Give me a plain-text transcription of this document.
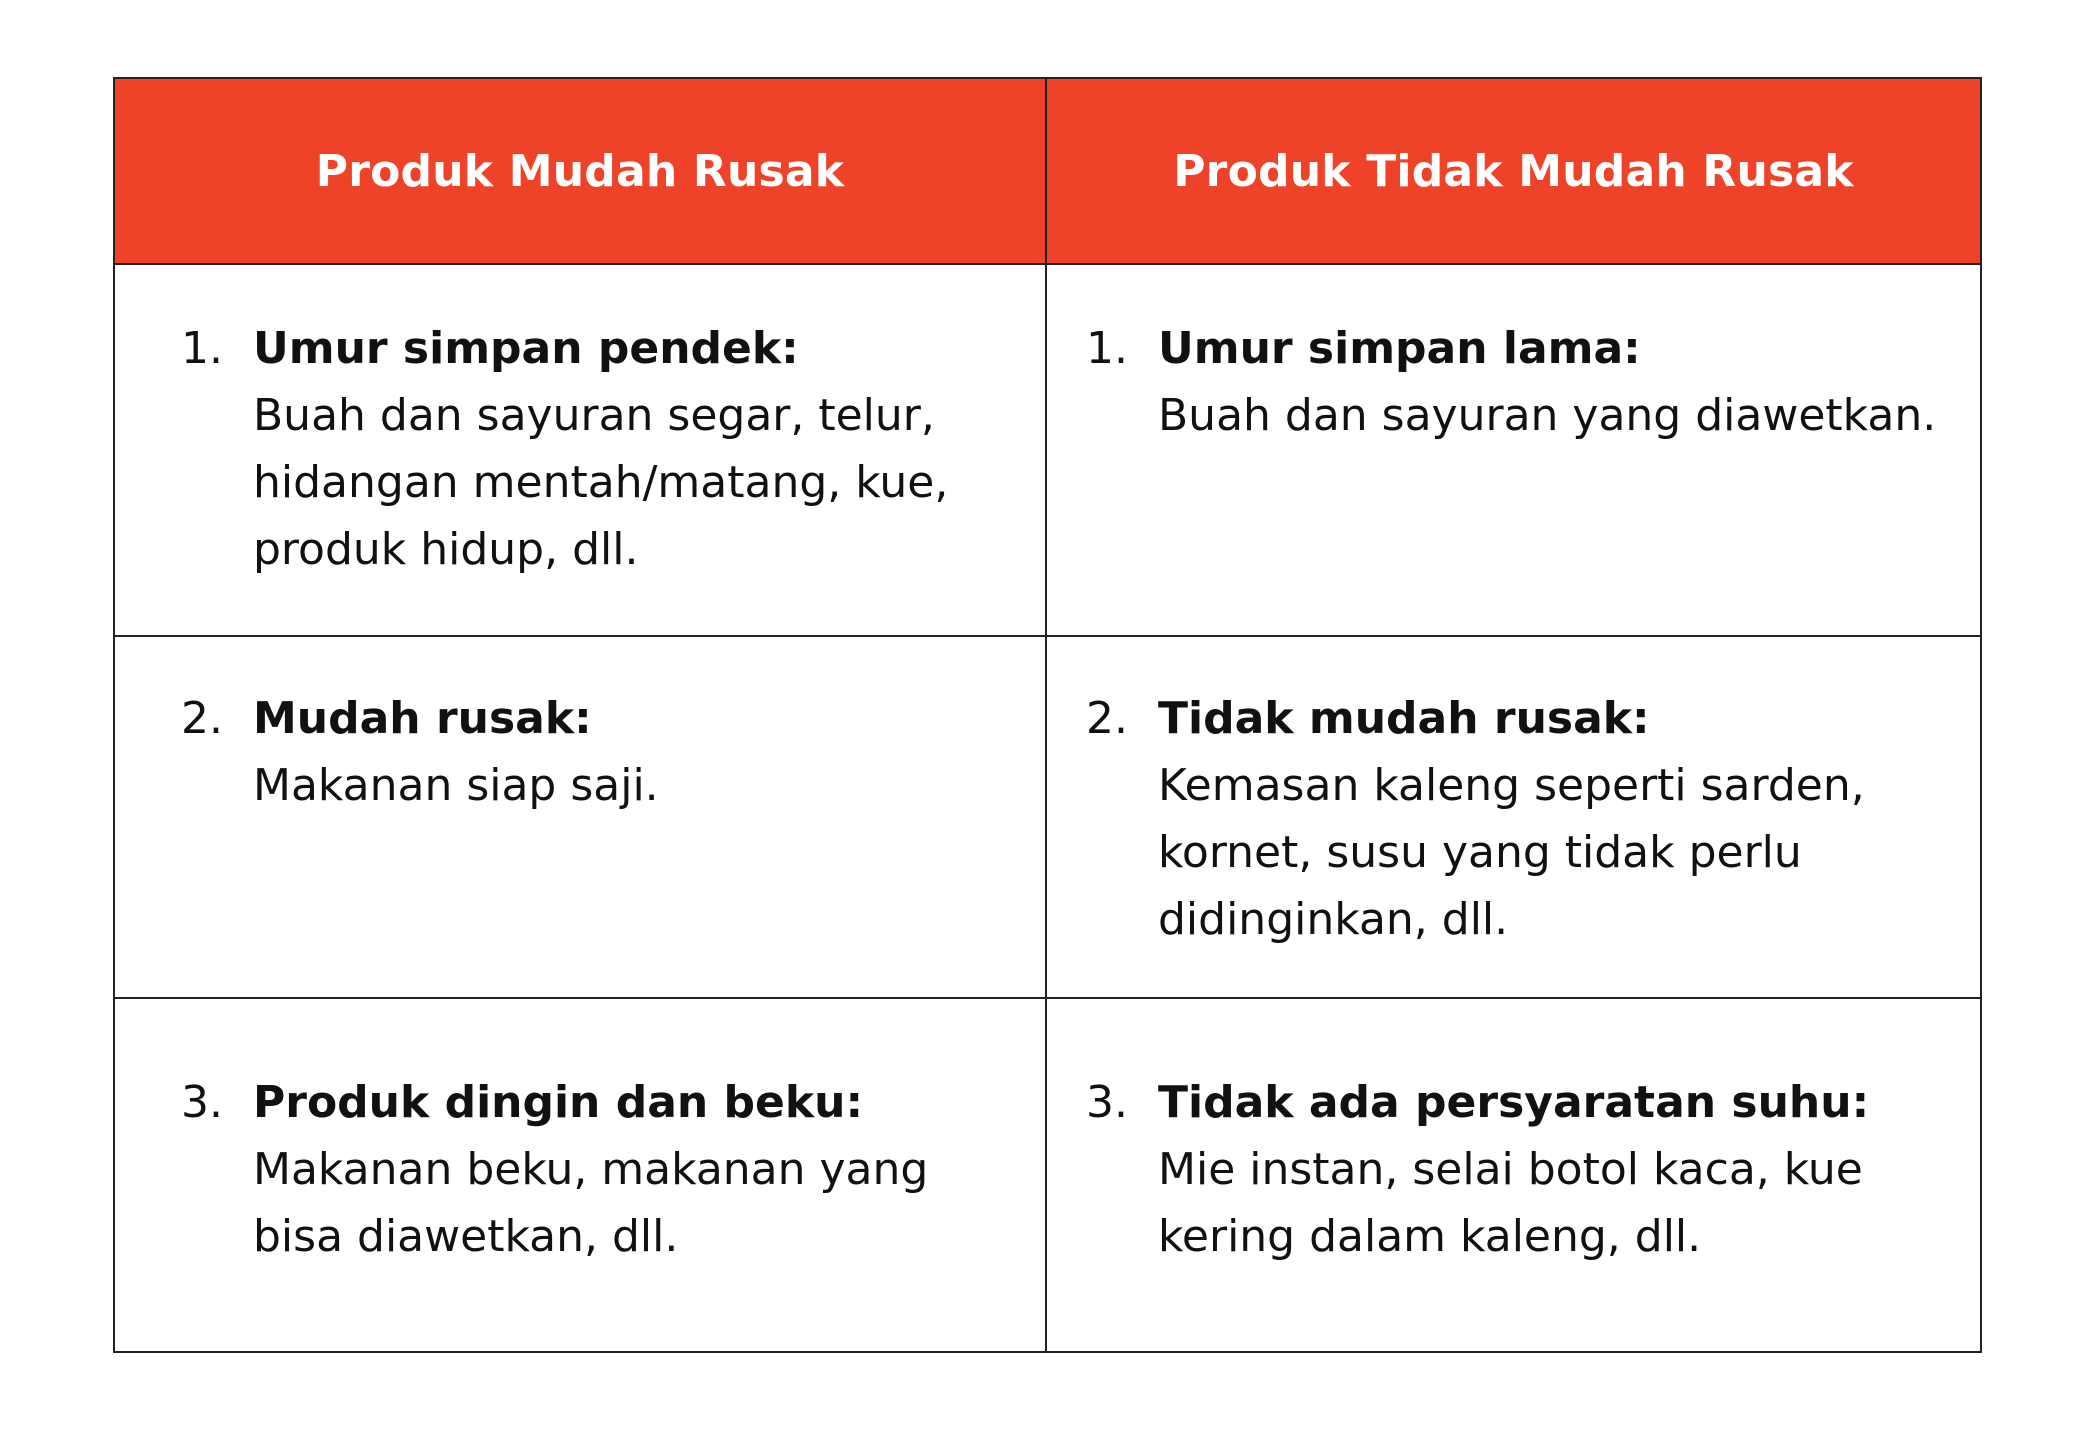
Produk Mudah Rusak	Produk Tidak Mudah Rusak
1. Umur simpan pendek:
Buah dan sayuran segar, telur, hidangan mentah/matang, kue, produk hidup, dll.
1. Umur simpan lama:
Buah dan sayuran yang diawetkan.
2. Mudah rusak:
Makanan siap saji.
2. Tidak mudah rusak:
Kemasan kaleng seperti sarden, kornet, susu yang tidak perlu didinginkan, dll.
3. Produk dingin dan beku:
Makanan beku, makanan yang bisa diawetkan, dll.
3. Tidak ada persyaratan suhu:
Mie instan, selai botol kaca, kue kering dalam kaleng, dll.
